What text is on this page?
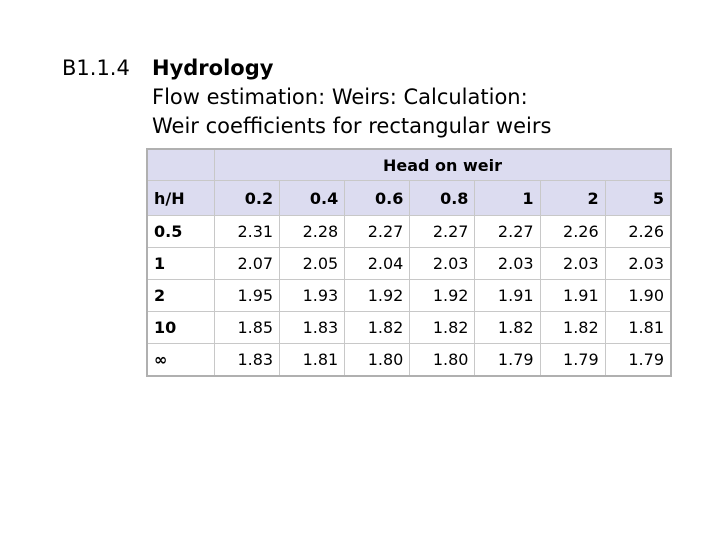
B1.1.4 Hydrology
Flow estimation: Weirs: Calculation:
Weir coefficients for rectangular weirs
	Head on weir						
h/H	0.2	0.4	0.6	0.8	1	2	5
0.5	2.31	2.28	2.27	2.27	2.27	2.26	2.26
1	2.07	2.05	2.04	2.03	2.03	2.03	2.03
2	1.95	1.93	1.92	1.92	1.91	1.91	1.90
10	1.85	1.83	1.82	1.82	1.82	1.82	1.81
∞	1.83	1.81	1.80	1.80	1.79	1.79	1.79
